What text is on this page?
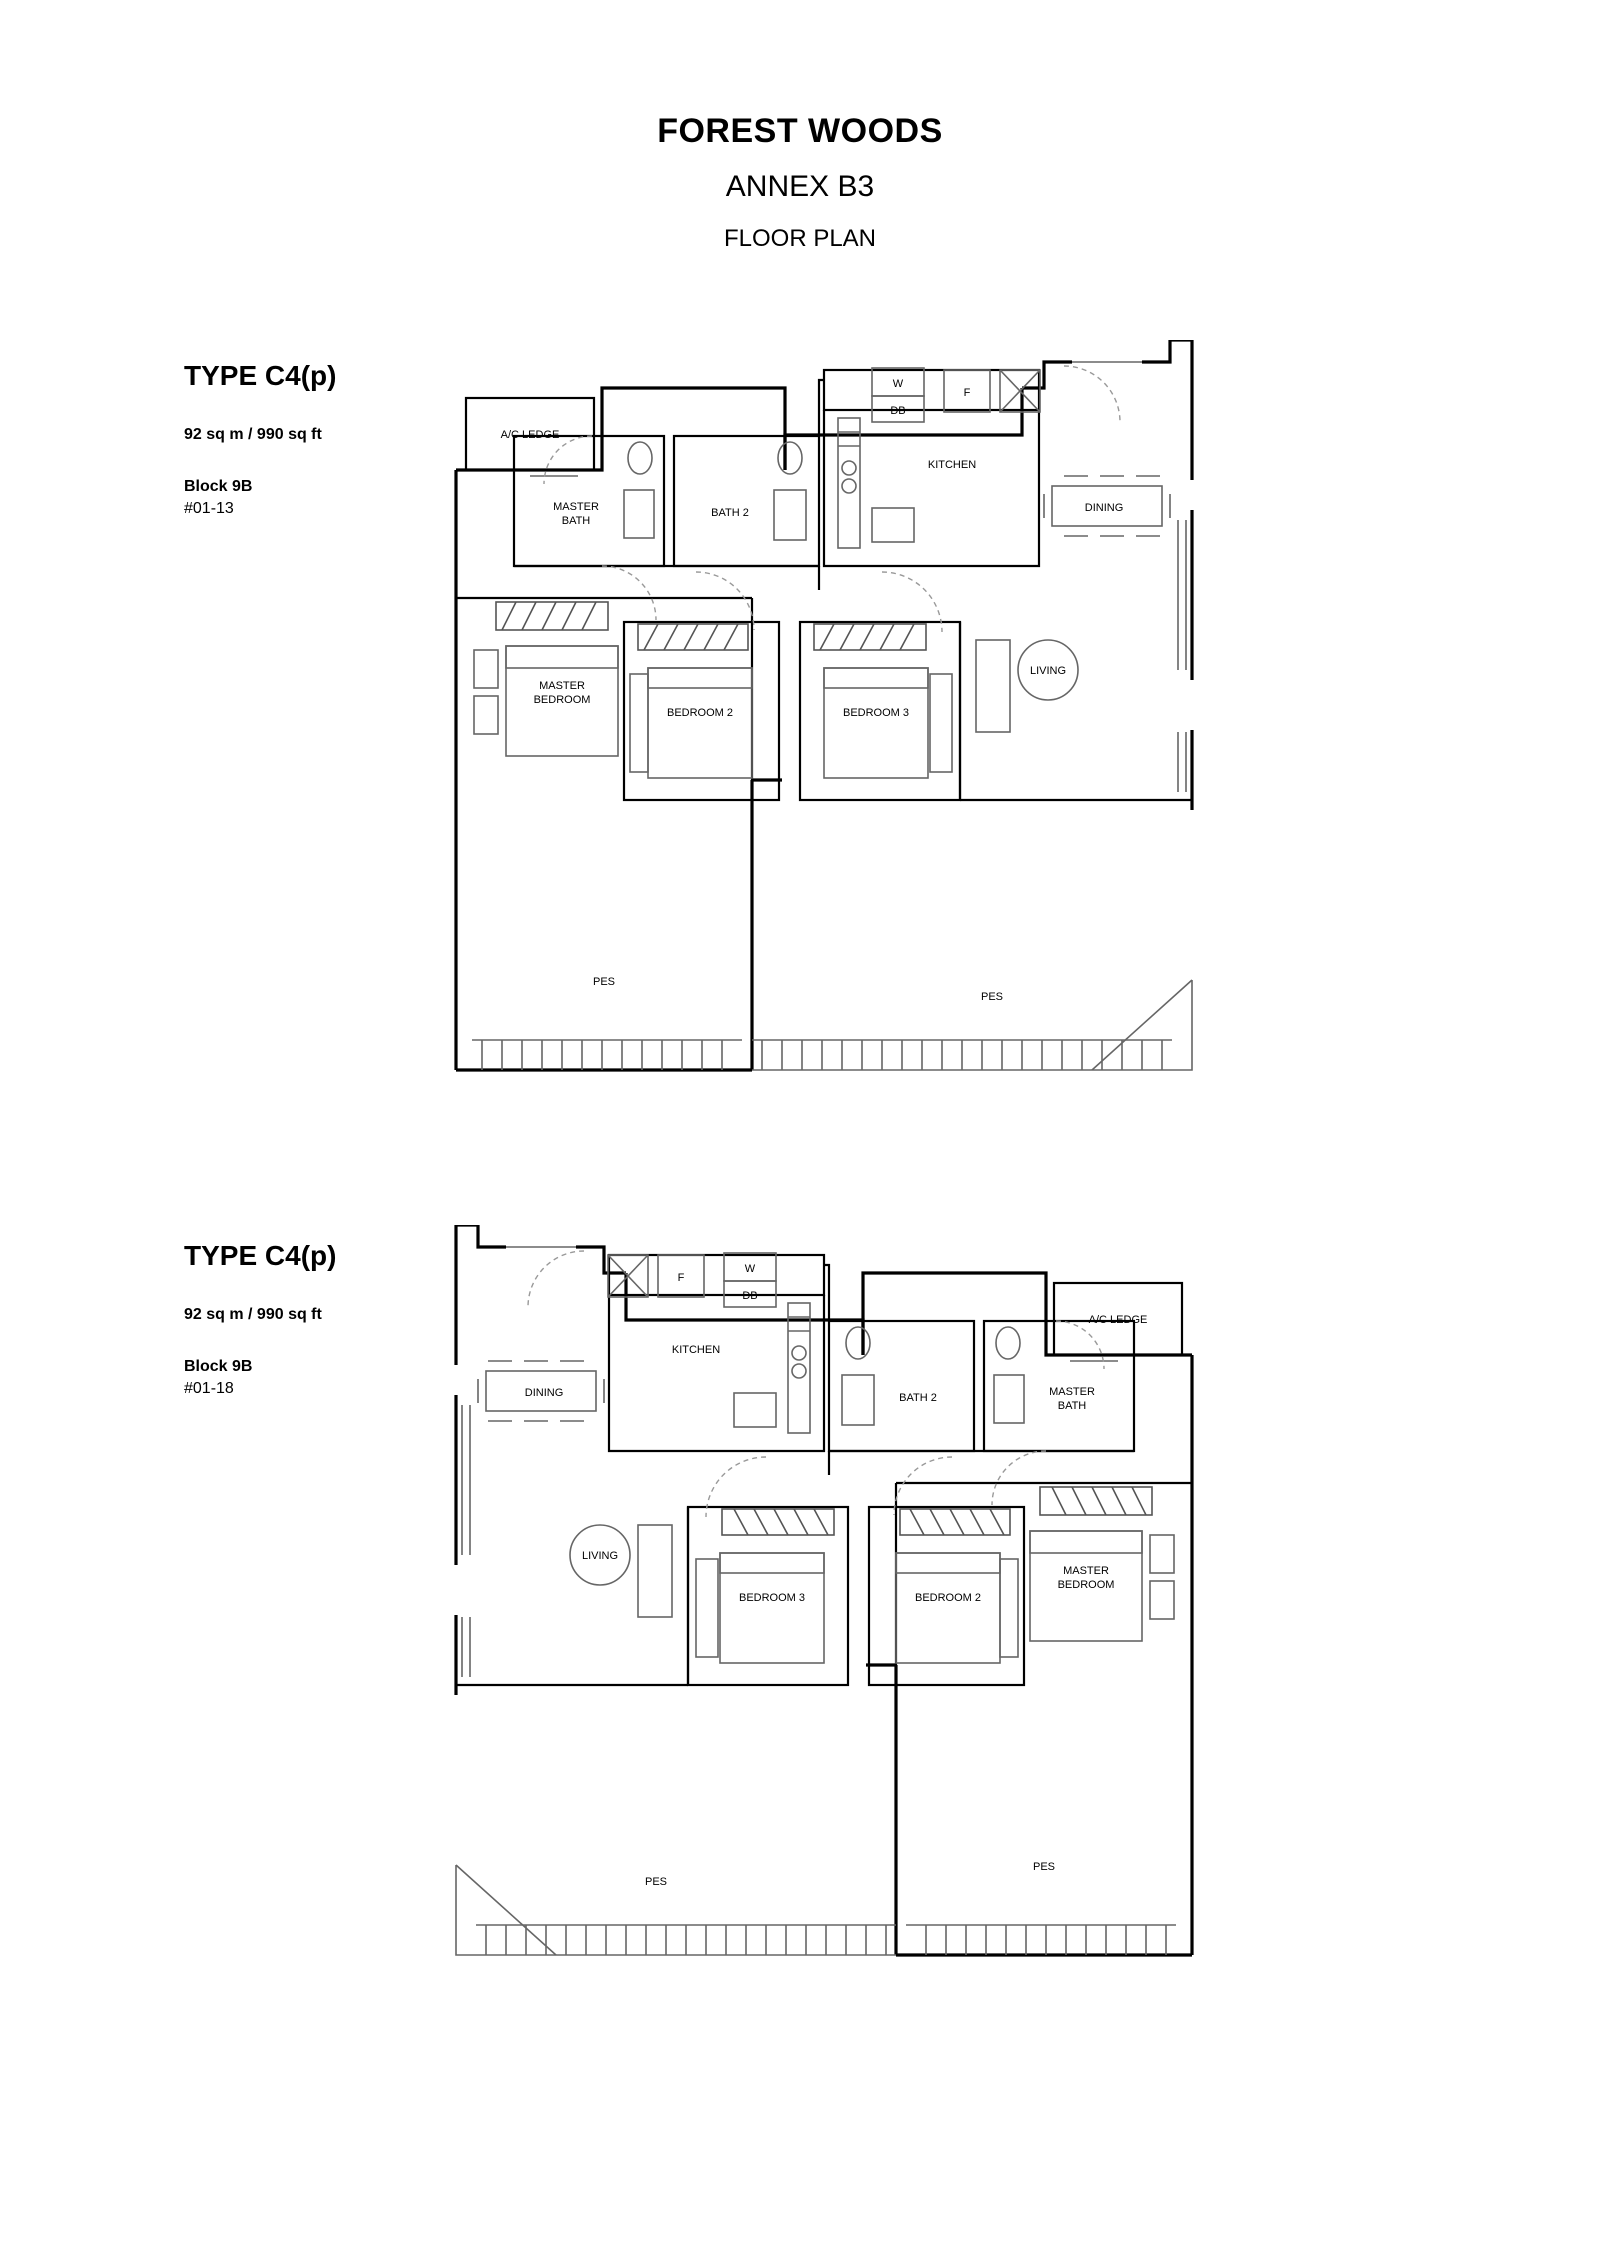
FOREST WOODS
ANNEX B3
FLOOR PLAN

TYPE C4(p)

92 sq m / 990 sq ft

Block 9B

#01-13

A/C LEDGE
MASTER
BATH
BATH 2
KITCHEN
DINING
LIVING
MASTER
BEDROOM
BEDROOM 2	BEDROOM 3
PES
PES
W
DB
F

TYPE C4(p)

92 sq m / 990 sq ft

Block 9B

#01-18

A/C LEDGE
MASTER
BATH
BATH 2
KITCHEN
DINING
LIVING
MASTER
BEDROOM
BEDROOM 2
BEDROOM 3
PES
PES
W
DB
F
